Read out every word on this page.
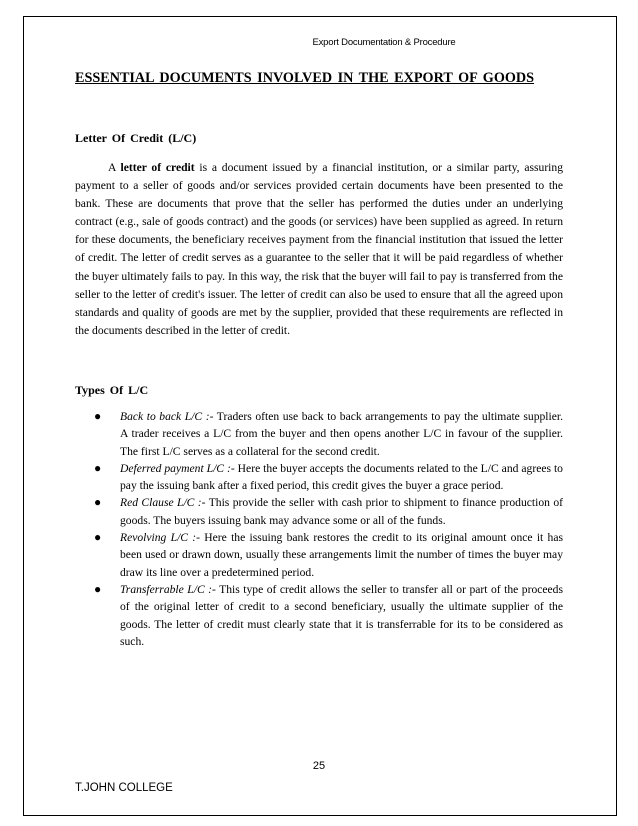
Export Documentation & Procedure
ESSENTIAL DOCUMENTS INVOLVED IN THE EXPORT OF GOODS
Letter Of Credit (L/C)

A letter of credit is a document issued by a financial institution, or a similar party, assuring payment to a seller of goods and/or services provided certain documents have been presented to the bank. These are documents that prove that the seller has performed the duties under an underlying contract (e.g., sale of goods contract) and the goods (or services) have been supplied as agreed. In return for these documents, the beneficiary receives payment from the financial institution that issued the letter of credit. The letter of credit serves as a guarantee to the seller that it will be paid regardless of whether the buyer ultimately fails to pay. In this way, the risk that the buyer will fail to pay is transferred from the seller to the letter of credit's issuer. The letter of credit can also be used to ensure that all the agreed upon standards and quality of goods are met by the supplier, provided that these requirements are reflected in the documents described in the letter of credit.

Types Of L/C
● Back to back L/C :- Traders often use back to back arrangements to pay the ultimate supplier. A trader receives a L/C from the buyer and then opens another L/C in favour of the supplier. The first L/C serves as a collateral for the second credit.
● Deferred payment L/C :- Here the buyer accepts the documents related to the L/C and agrees to pay the issuing bank after a fixed period, this credit gives the buyer a grace period.
● Red Clause L/C :- This provide the seller with cash prior to shipment to finance production of goods. The buyers issuing bank may advance some or all of the funds.
● Revolving L/C :- Here the issuing bank restores the credit to its original amount once it has been used or drawn down, usually these arrangements limit the number of times the buyer may draw its line over a predetermined period.
● Transferrable L/C :- This type of credit allows the seller to transfer all or part of the proceeds of the original letter of credit to a second beneficiary, usually the ultimate supplier of the goods. The letter of credit must clearly state that it is transferrable for its to be considered as such.
25
T.JOHN COLLEGE
